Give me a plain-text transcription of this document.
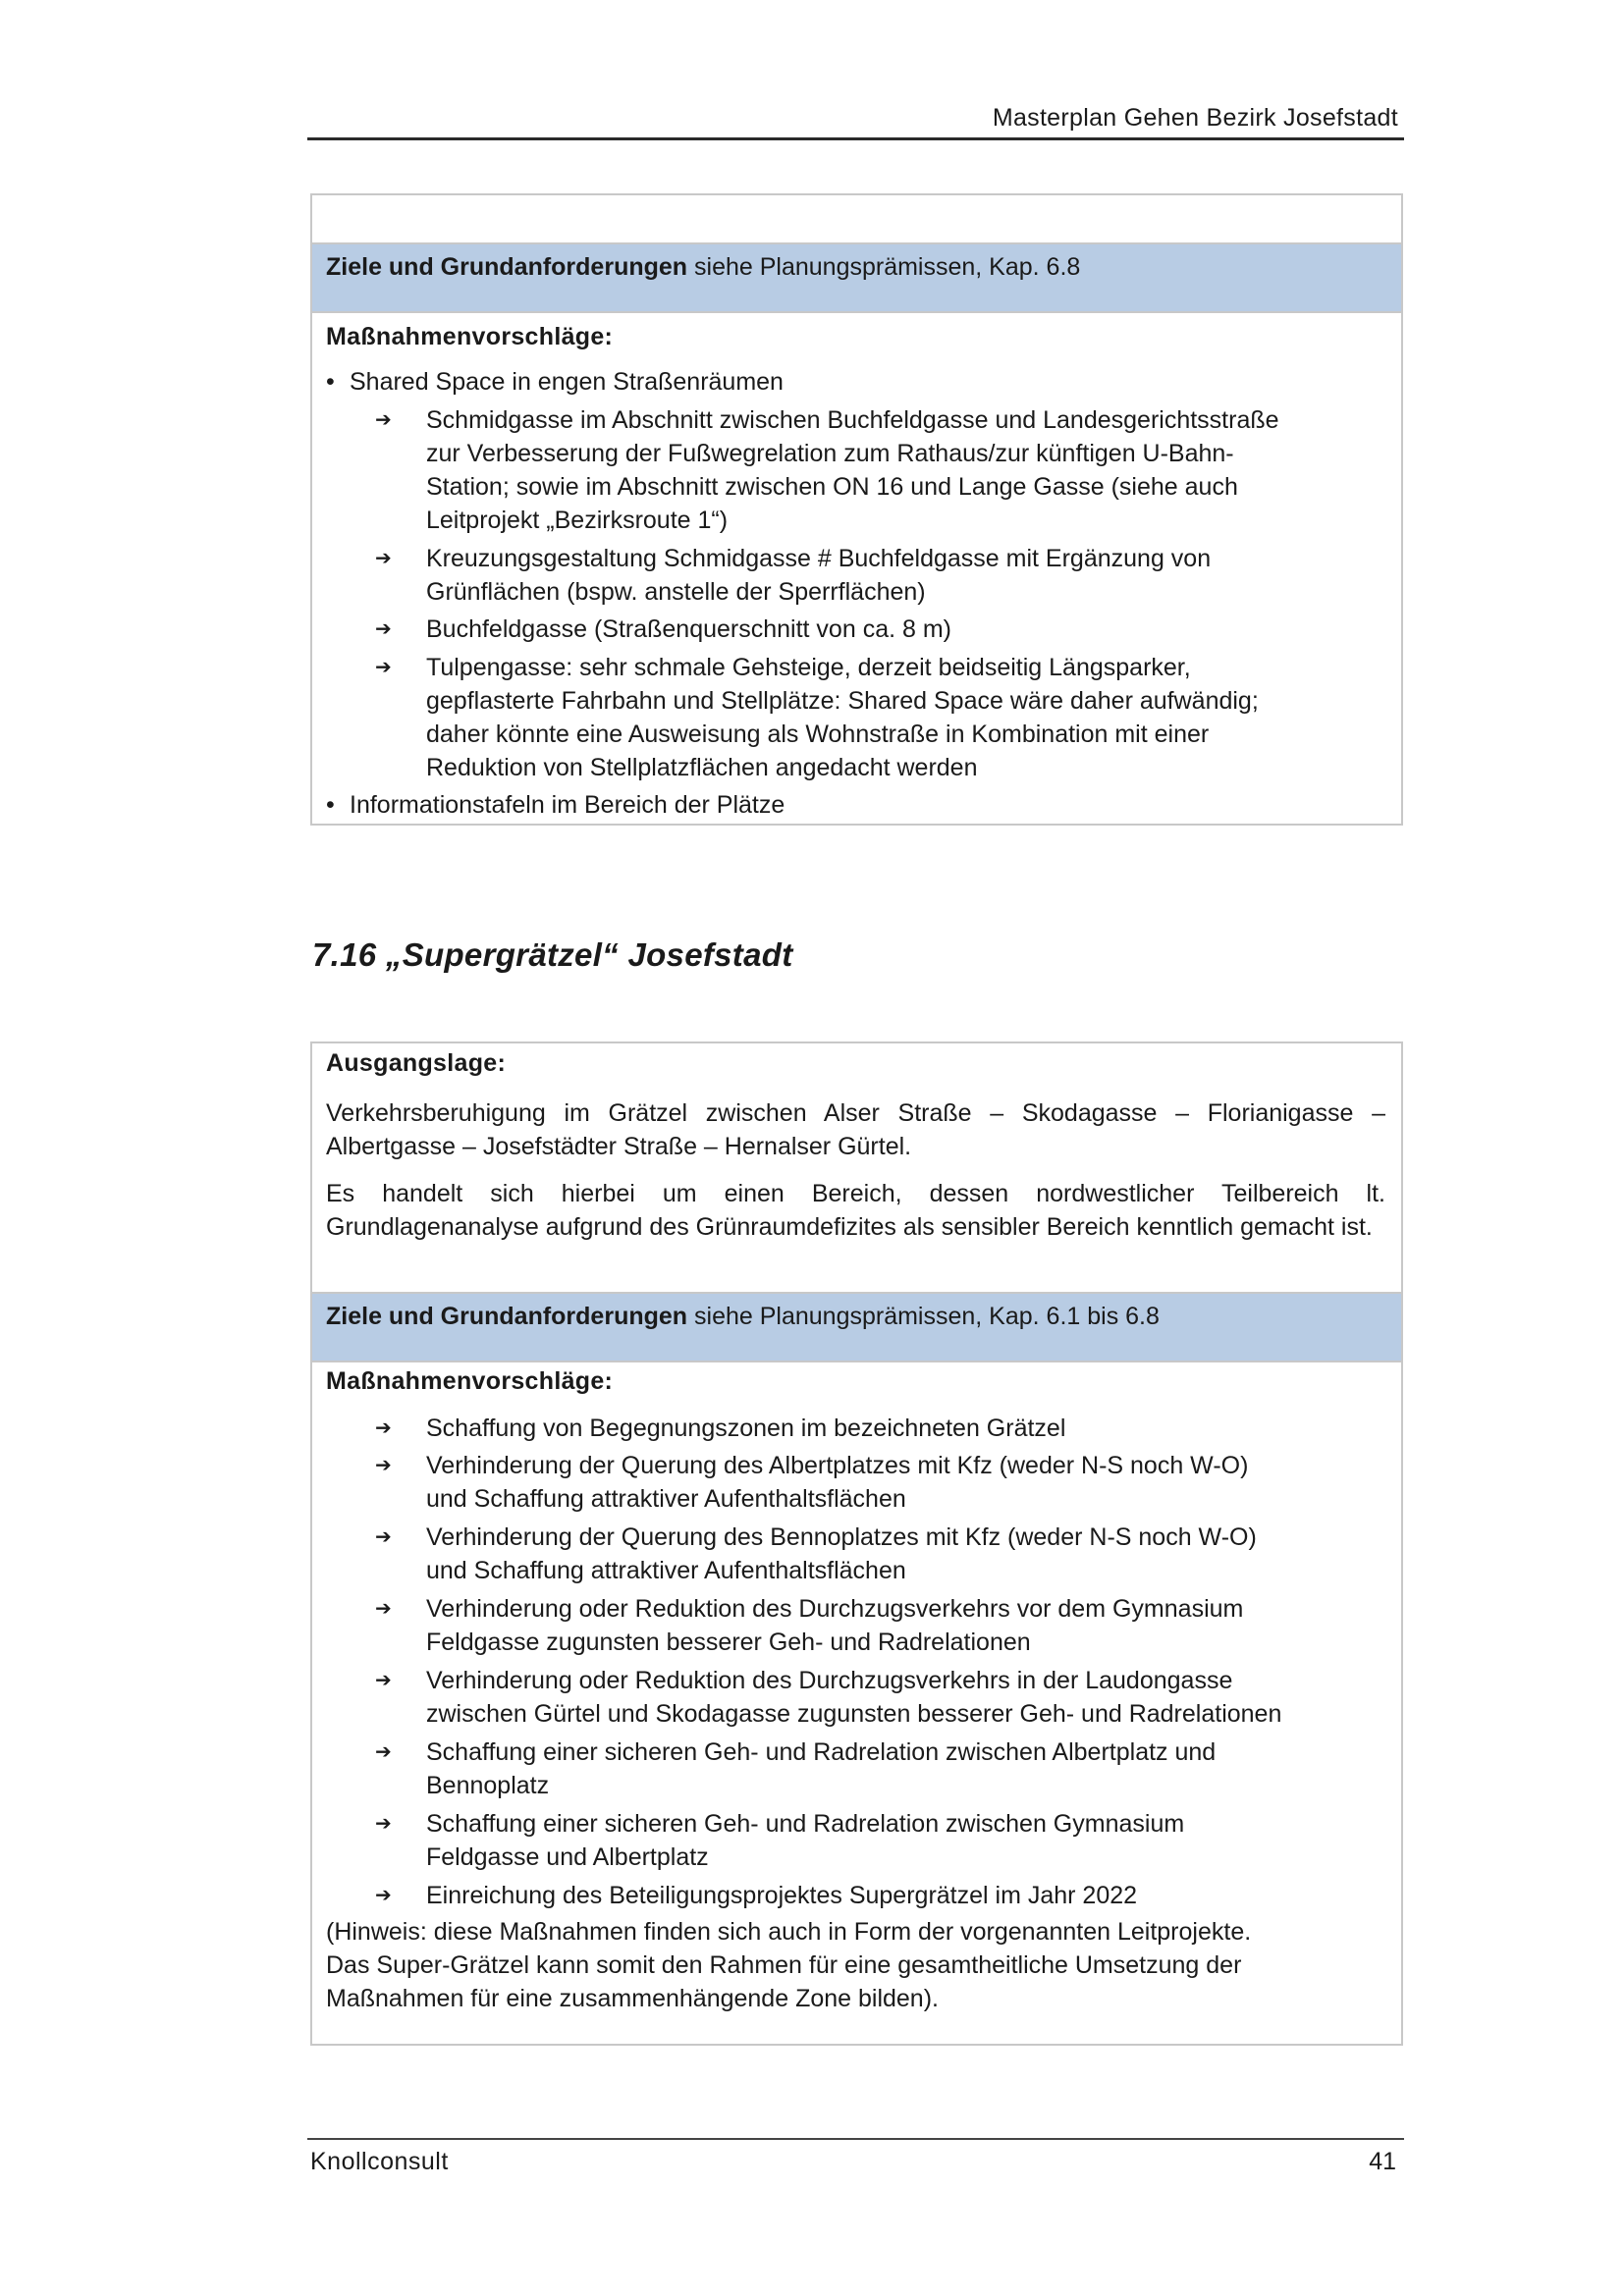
Masterplan Gehen Bezirk Josefstadt
Ziele und Grundanforderungen siehe Planungsprämissen, Kap. 6.8
Maßnahmenvorschläge:
• Shared Space in engen Straßenräumen
➔ Schmidgasse im Abschnitt zwischen Buchfeldgasse und Landesgerichtsstraße
zur Verbesserung der Fußwegrelation zum Rathaus/zur künftigen U-Bahn-
Station; sowie im Abschnitt zwischen ON 16 und Lange Gasse (siehe auch
Leitprojekt „Bezirksroute 1“)
➔ Kreuzungsgestaltung Schmidgasse # Buchfeldgasse mit Ergänzung von
Grünflächen (bspw. anstelle der Sperrflächen)
➔ Buchfeldgasse (Straßenquerschnitt von ca. 8 m)
➔ Tulpengasse: sehr schmale Gehsteige, derzeit beidseitig Längsparker,
gepflasterte Fahrbahn und Stellplätze: Shared Space wäre daher aufwändig;
daher könnte eine Ausweisung als Wohnstraße in Kombination mit einer
Reduktion von Stellplatzflächen angedacht werden
• Informationstafeln im Bereich der Plätze
7.16 „Supergrätzel“ Josefstadt
Ausgangslage:
Verkehrsberuhigung im Grätzel zwischen Alser Straße – Skodagasse – Florianigasse – Albertgasse – Josefstädter Straße – Hernalser Gürtel.
Es handelt sich hierbei um einen Bereich, dessen nordwestlicher Teilbereich lt. Grundlagenanalyse aufgrund des Grünraumdefizites als sensibler Bereich kenntlich gemacht ist.
Ziele und Grundanforderungen siehe Planungsprämissen, Kap. 6.1 bis 6.8
Maßnahmenvorschläge:
➔ Schaffung von Begegnungszonen im bezeichneten Grätzel
➔ Verhinderung der Querung des Albertplatzes mit Kfz (weder N-S noch W-O)
und Schaffung attraktiver Aufenthaltsflächen
➔ Verhinderung der Querung des Bennoplatzes mit Kfz (weder N-S noch W-O)
und Schaffung attraktiver Aufenthaltsflächen
➔ Verhinderung oder Reduktion des Durchzugsverkehrs vor dem Gymnasium
Feldgasse zugunsten besserer Geh- und Radrelationen
➔ Verhinderung oder Reduktion des Durchzugsverkehrs in der Laudongasse
zwischen Gürtel und Skodagasse zugunsten besserer Geh- und Radrelationen
➔ Schaffung einer sicheren Geh- und Radrelation zwischen Albertplatz und
Bennoplatz
➔ Schaffung einer sicheren Geh- und Radrelation zwischen Gymnasium
Feldgasse und Albertplatz
➔ Einreichung des Beteiligungsprojektes Supergrätzel im Jahr 2022
(Hinweis: diese Maßnahmen finden sich auch in Form der vorgenannten Leitprojekte.
Das Super-Grätzel kann somit den Rahmen für eine gesamtheitliche Umsetzung der
Maßnahmen für eine zusammenhängende Zone bilden).
Knollconsult	41
